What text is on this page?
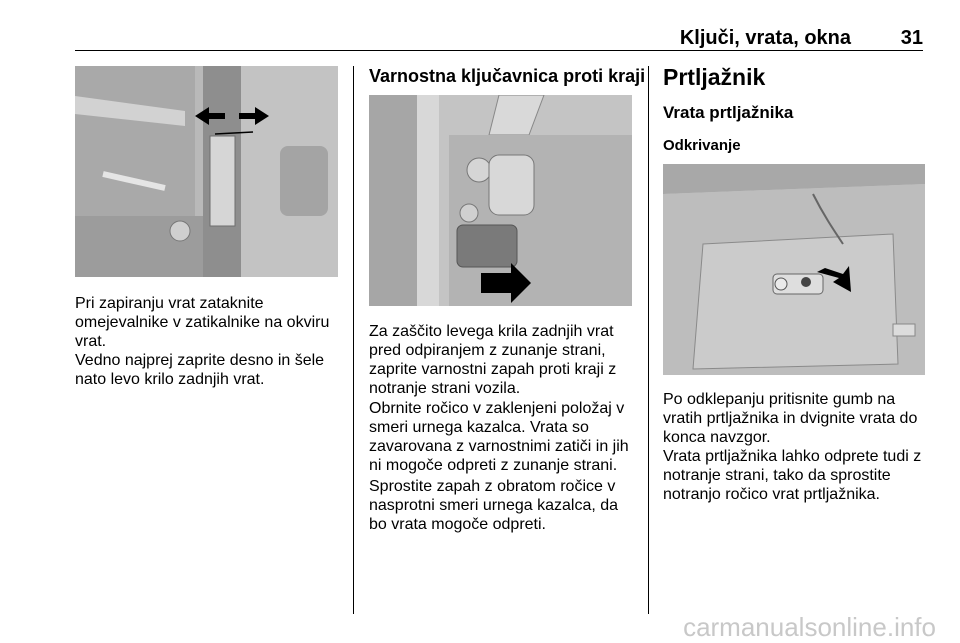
Ključi, vrata, okna 31

Pri zapiranju vrat zataknite omejevalnike v zatikalnike na okviru vrat.

Vedno najprej zaprite desno in šele nato levo krilo zadnjih vrat.

Varnostna ključavnica proti kraji

Za zaščito levega krila zadnjih vrat pred odpiranjem z zunanje strani, zaprite varnostni zapah proti kraji z notranje strani vozila.

Obrnite ročico v zaklenjeni položaj v smeri urnega kazalca. Vrata so zavarovana z varnostnimi zatiči in jih ni mogoče odpreti z zunanje strani.

Sprostite zapah z obratom ročice v nasprotni smeri urnega kazalca, da bo vrata mogoče odpreti.

Prtljažnik
Vrata prtljažnika
Odkrivanje

Po odklepanju pritisnite gumb na vratih prtljažnika in dvignite vrata do konca navzgor.

Vrata prtljažnika lahko odprete tudi z notranje strani, tako da sprostite notranjo ročico vrat prtljažnika.

carmanualsonline.info
